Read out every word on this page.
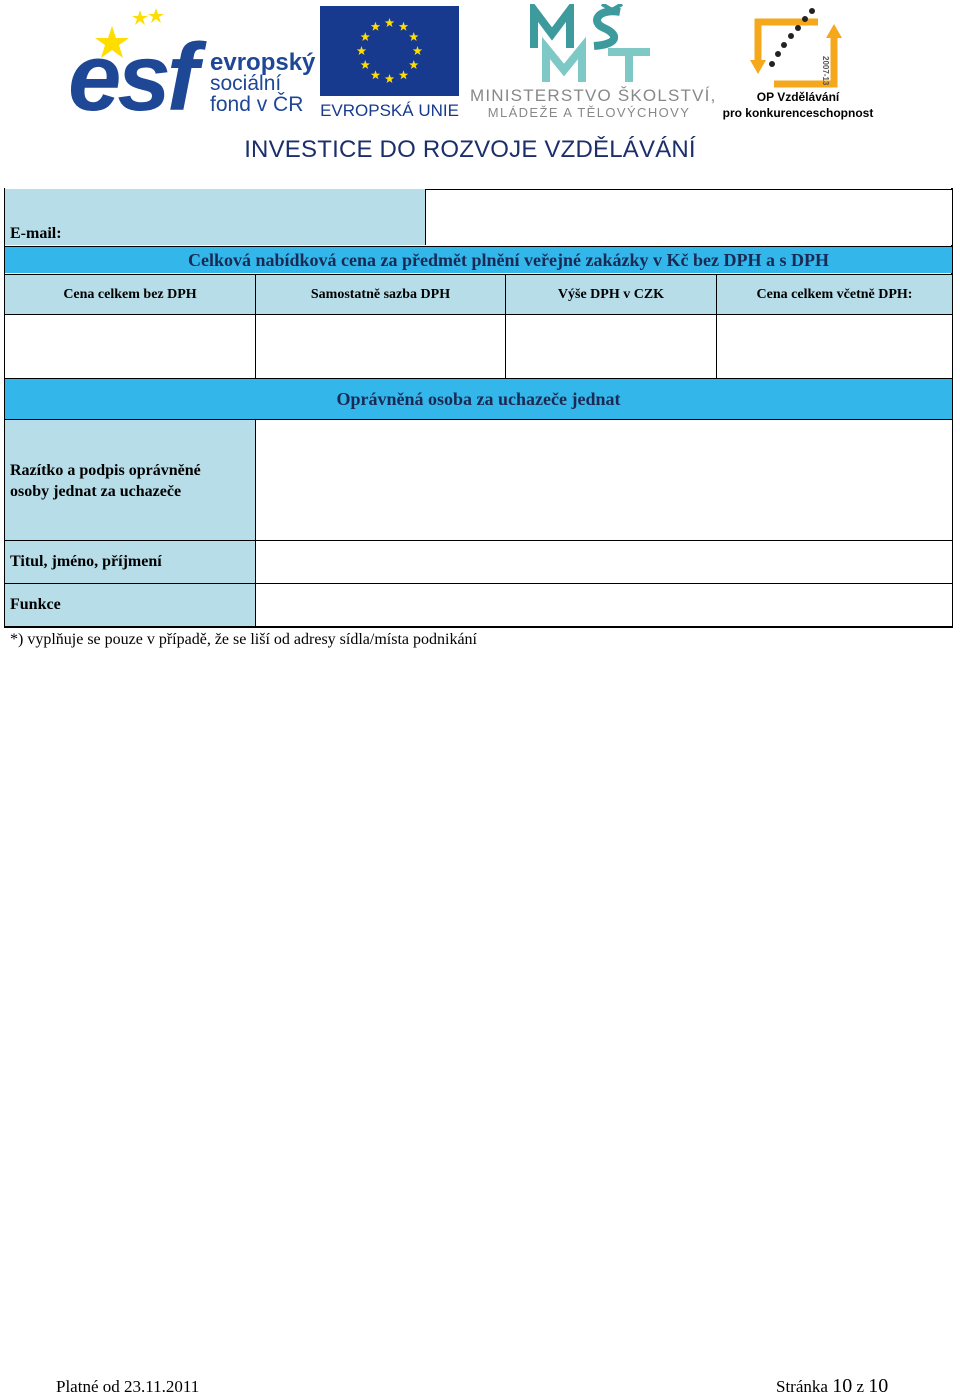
esf evropský
sociální
fond v ČR EVROPSKÁ UNIE
MINISTERSTVO ŠKOLSTVÍ,
MLÁDEŽE A TĚLOVÝCHOVY
2007-13
OP Vzdělávání
pro konkurenceschopnost
INVESTICE DO ROZVOJE VZDĚLÁVÁNÍ
E-mail:
Celková nabídková cena za předmět plnění veřejné zakázky v Kč bez DPH a s DPH
Cena celkem bez DPH	Samostatně sazba DPH	Výše DPH v CZK	Cena celkem včetně DPH:
Oprávněná osoba za uchazeče jednat
Razítko a podpis oprávněné
osoby jednat za uchazeče
Titul, jméno, příjmení
Funkce
*) vyplňuje se pouze v případě, že se liší od adresy sídla/místa podnikání
Platné od 23.11.2011	Stránka 10 z 10
